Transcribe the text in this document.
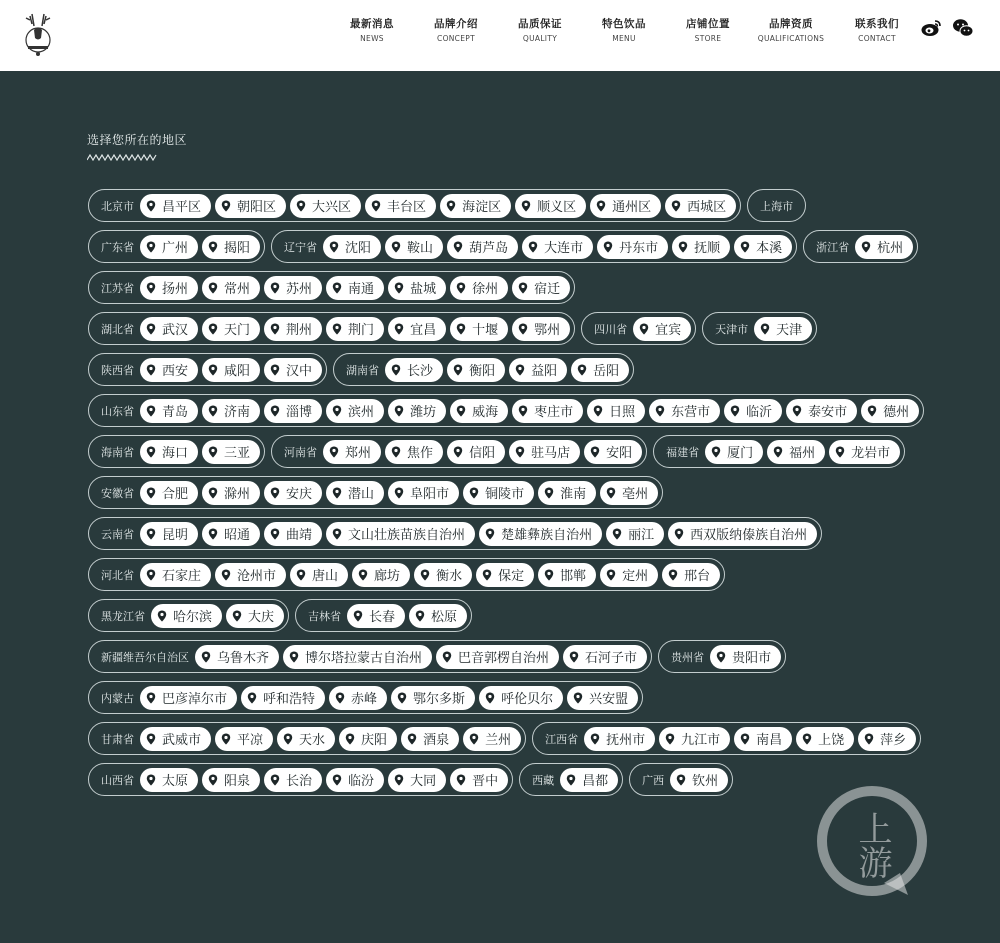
最新消息
NEWS
品牌介绍
CONCEPT
品质保证
QUALITY
特色饮品
MENU
店铺位置
STORE
品牌资质
QUALIFICATIONS
联系我们
CONTACT
选择您所在的地区
北京市 昌平区	朝阳区	大兴区	丰台区	海淀区	顺义区	通州区	西城区	上海市
广东省 广州	揭阳	辽宁省 沈阳	鞍山	葫芦岛	大连市	丹东市	抚顺	本溪	浙江省 杭州
江苏省 扬州	常州	苏州	南通	盐城	徐州	宿迁
湖北省 武汉	天门	荆州	荆门	宜昌	十堰	鄂州	四川省 宜宾	天津市 天津
陕西省 西安	咸阳	汉中	湖南省 长沙	衡阳	益阳	岳阳
山东省 青岛	济南	淄博	滨州	潍坊	威海	枣庄市	日照	东营市	临沂	泰安市	德州
海南省 海口	三亚	河南省 郑州	焦作	信阳	驻马店	安阳	福建省 厦门	福州	龙岩市
安徽省 合肥	滁州	安庆	潜山	阜阳市	铜陵市	淮南	亳州
云南省 昆明	昭通	曲靖	文山壮族苗族自治州	楚雄彝族自治州	丽江	西双版纳傣族自治州
河北省 石家庄	沧州市	唐山	廊坊	衡水	保定	邯郸	定州	邢台
黑龙江省 哈尔滨	大庆	吉林省 长春	松原
新疆维吾尔自治区 乌鲁木齐	博尔塔拉蒙古自治州	巴音郭楞自治州	石河子市	贵州省 贵阳市
内蒙古 巴彦淖尔市	呼和浩特	赤峰	鄂尔多斯	呼伦贝尔	兴安盟
甘肃省 武威市	平凉	天水	庆阳	酒泉	兰州	江西省 抚州市	九江市	南昌	上饶	萍乡
山西省 太原	阳泉	长治	临汾	大同	晋中	西藏 昌都	广西 钦州
上游
